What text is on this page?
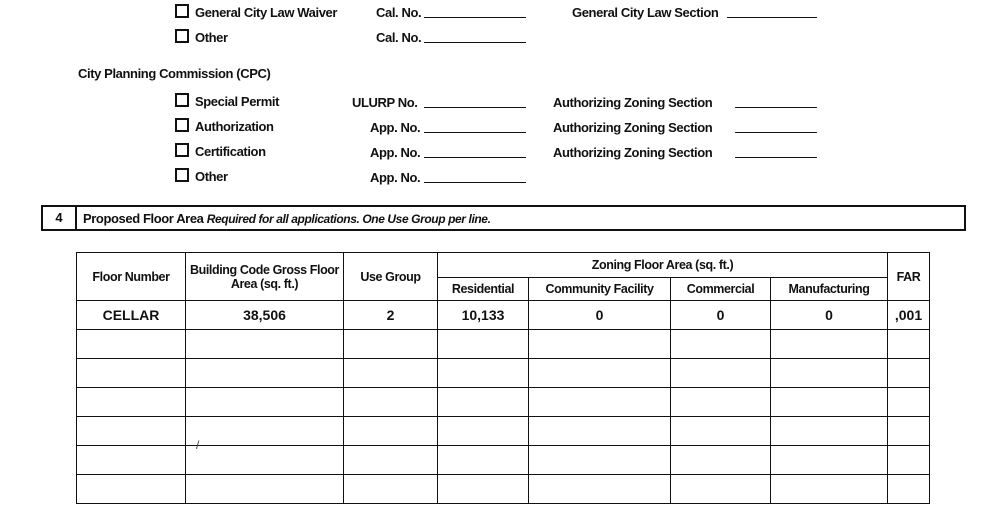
General City Law Waiver	Cal. No.	General City Law Section
Other	Cal. No.
City Planning Commission (CPC)
Special Permit	ULURP No.	Authorizing Zoning Section
Authorization	App. No.	Authorizing Zoning Section
Certification	App. No.	Authorizing Zoning Section
Other	App. No.
4	Proposed Floor Area Required for all applications. One Use Group per line.
Floor Number	Building Code Gross Floor Area (sq. ft.)	Use Group	Zoning Floor Area (sq. ft.)				FAR
			Residential	Community Facility	Commercial	Manufacturing	
CELLAR	38,506	2	10,133	0	0	0	,001

/
